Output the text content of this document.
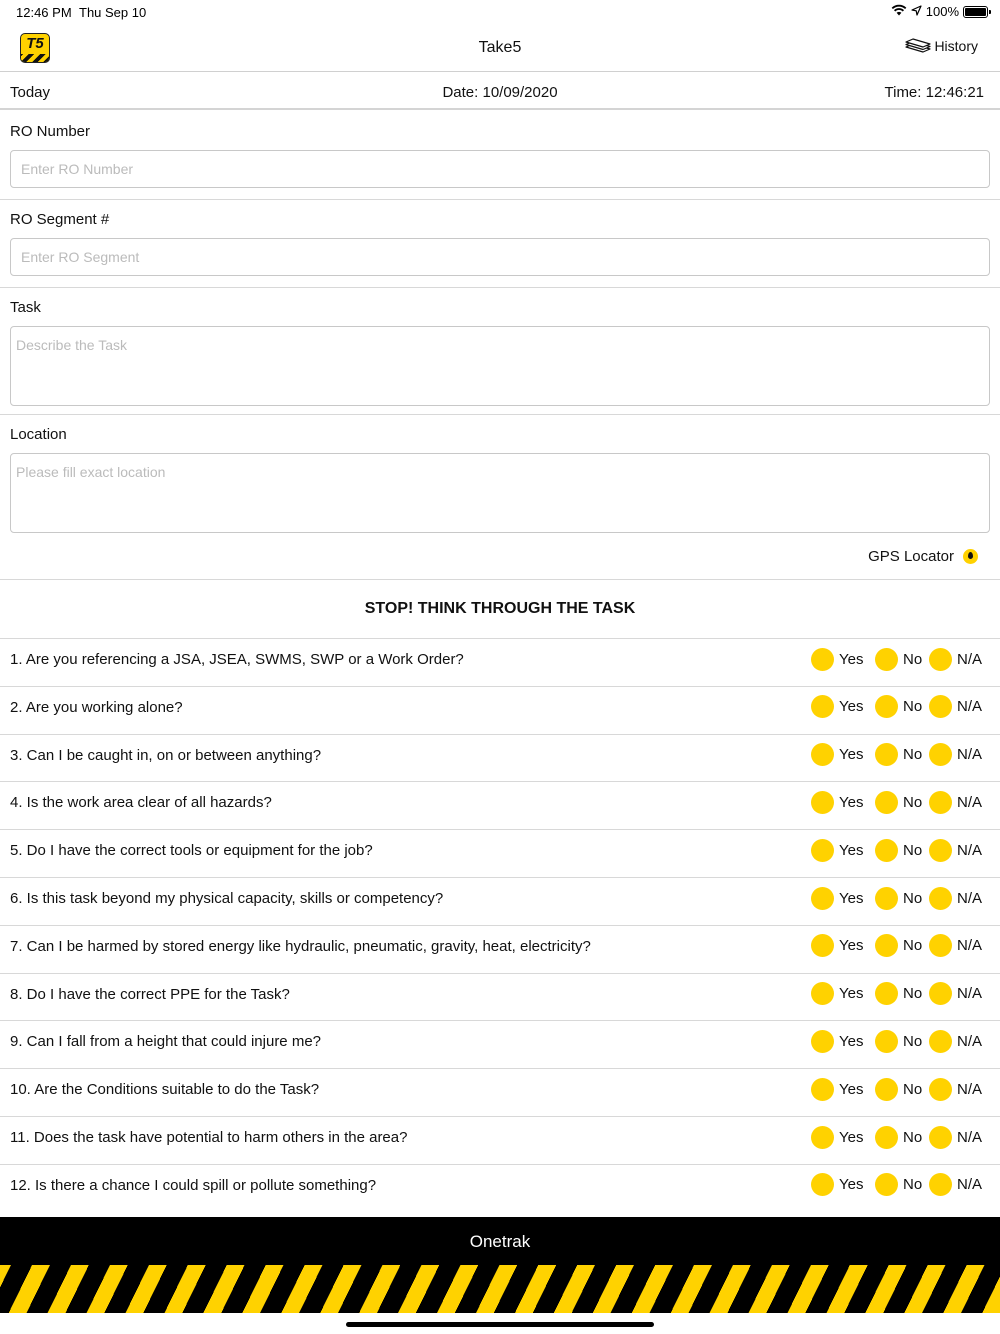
12:46 PM Thu Sep 10	100%
T5	Take5	History
Date: 10/09/2020
Today	Time: 12:46:21
RO Number
Enter RO Number
RO Segment #
Enter RO Segment
Task
Describe the Task
Location
Please fill exact location
GPS Locator
STOP! THINK THROUGH THE TASK
1. Are you referencing a JSA, JSEA, SWMS, SWP or a Work Order?	Yes	No N/A
2. Are you working alone?	Yes	No N/A
3. Can I be caught in, on or between anything?	Yes	No N/A
4. Is the work area clear of all hazards?	Yes	No N/A
5. Do I have the correct tools or equipment for the job?	Yes	No N/A
6. Is this task beyond my physical capacity, skills or competency?	Yes	No N/A
7. Can I be harmed by stored energy like hydraulic, pneumatic, gravity, heat, electricity?	Yes	No N/A
8. Do I have the correct PPE for the Task?	Yes	No N/A
9. Can I fall from a height that could injure me?	Yes	No N/A
10. Are the Conditions suitable to do the Task?	Yes	No N/A
11. Does the task have potential to harm others in the area?	Yes	No N/A
12. Is there a chance I could spill or pollute something?	Yes	No N/A
Onetrak
